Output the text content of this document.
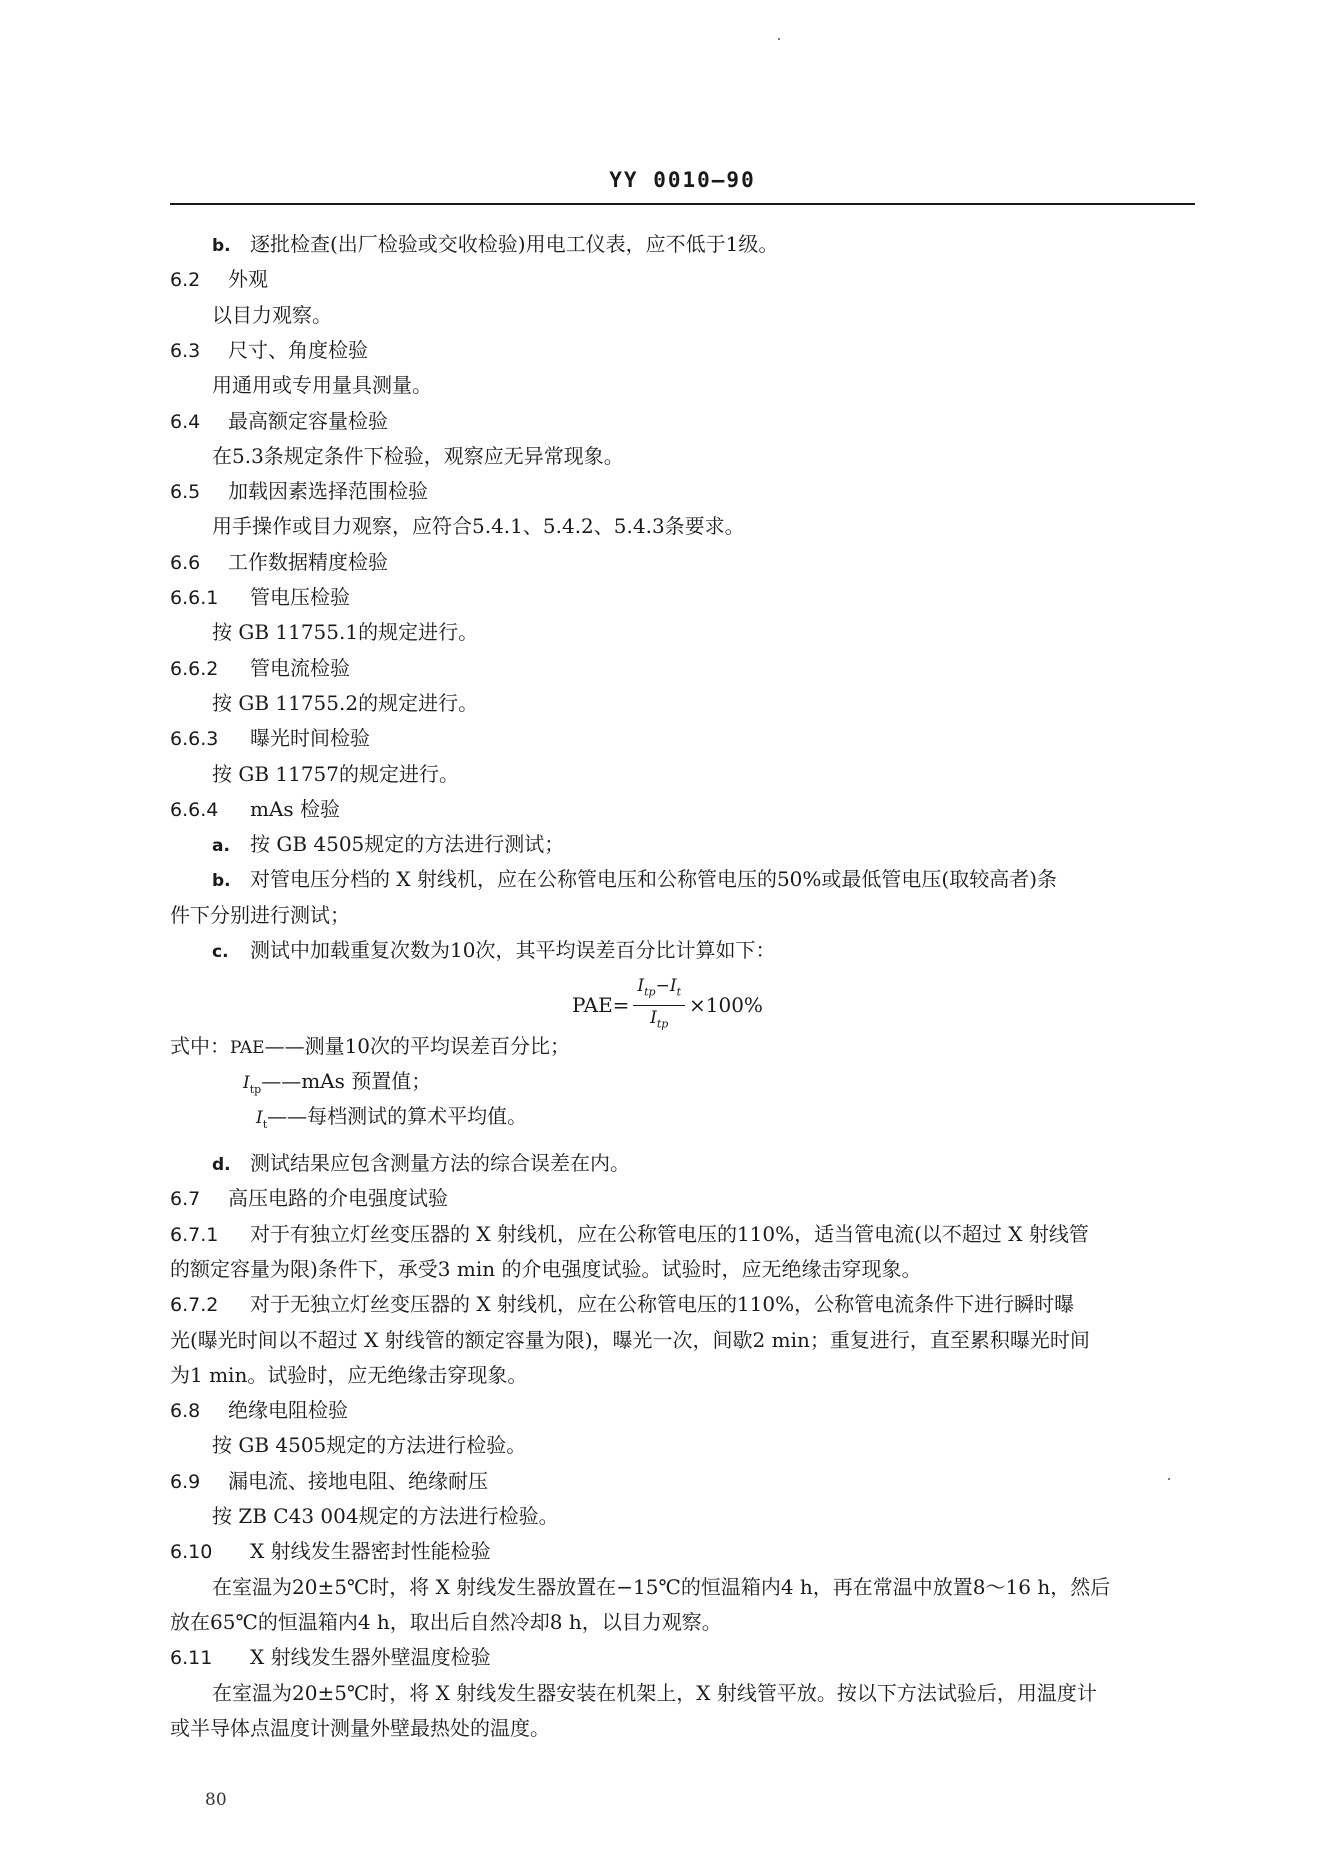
YY 0010—90
b. 逐批检查(出厂检验或交收检验)用电工仪表，应不低于1级。
6.2 外观
以目力观察。
6.3 尺寸、角度检验
用通用或专用量具测量。
6.4 最高额定容量检验
在5.3条规定条件下检验，观察应无异常现象。
6.5 加载因素选择范围检验
用手操作或目力观察，应符合5.4.1、5.4.2、5.4.3条要求。
6.6 工作数据精度检验
6.6.1 管电压检验
按 GB 11755.1的规定进行。
6.6.2 管电流检验
按 GB 11755.2的规定进行。
6.6.3 曝光时间检验
按 GB 11757的规定进行。
6.6.4 mAs 检验
a. 按 GB 4505规定的方法进行测试；
b. 对管电压分档的 X 射线机，应在公称管电压和公称管电压的50%或最低管电压(取较高者)条
件下分别进行测试；
c. 测试中加载重复次数为10次，其平均误差百分比计算如下：
d. 测试结果应包含测量方法的综合误差在内。
6.7 高压电路的介电强度试验
6.7.1 对于有独立灯丝变压器的 X 射线机，应在公称管电压的110%，适当管电流(以不超过 X 射线管
的额定容量为限)条件下，承受3 min 的介电强度试验。试验时，应无绝缘击穿现象。
6.7.2 对于无独立灯丝变压器的 X 射线机，应在公称管电压的110%，公称管电流条件下进行瞬时曝
光(曝光时间以不超过 X 射线管的额定容量为限)，曝光一次，间歇2 min；重复进行，直至累积曝光时间
为1 min。试验时，应无绝缘击穿现象。
6.8 绝缘电阻检验
按 GB 4505规定的方法进行检验。
6.9 漏电流、接地电阻、绝缘耐压
按 ZB C43 004规定的方法进行检验。
6.10 X 射线发生器密封性能检验
在室温为20±5℃时，将 X 射线发生器放置在−15℃的恒温箱内4 h，再在常温中放置8～16 h，然后
放在65℃的恒温箱内4 h，取出后自然冷却8 h，以目力观察。
6.11 X 射线发生器外壁温度检验
在室温为20±5℃时，将 X 射线发生器安装在机架上，X 射线管平放。按以下方法试验后，用温度计
或半导体点温度计测量外壁最热处的温度。
$PAE= \frac{I_{tp}-I_t}{I_{tp}} \times 100\%$
式中：PAE——测量10次的平均误差百分比；
$I_{tp}——mAs$ 预置值；
$I_t——$每档测试的算术平均值。
80
